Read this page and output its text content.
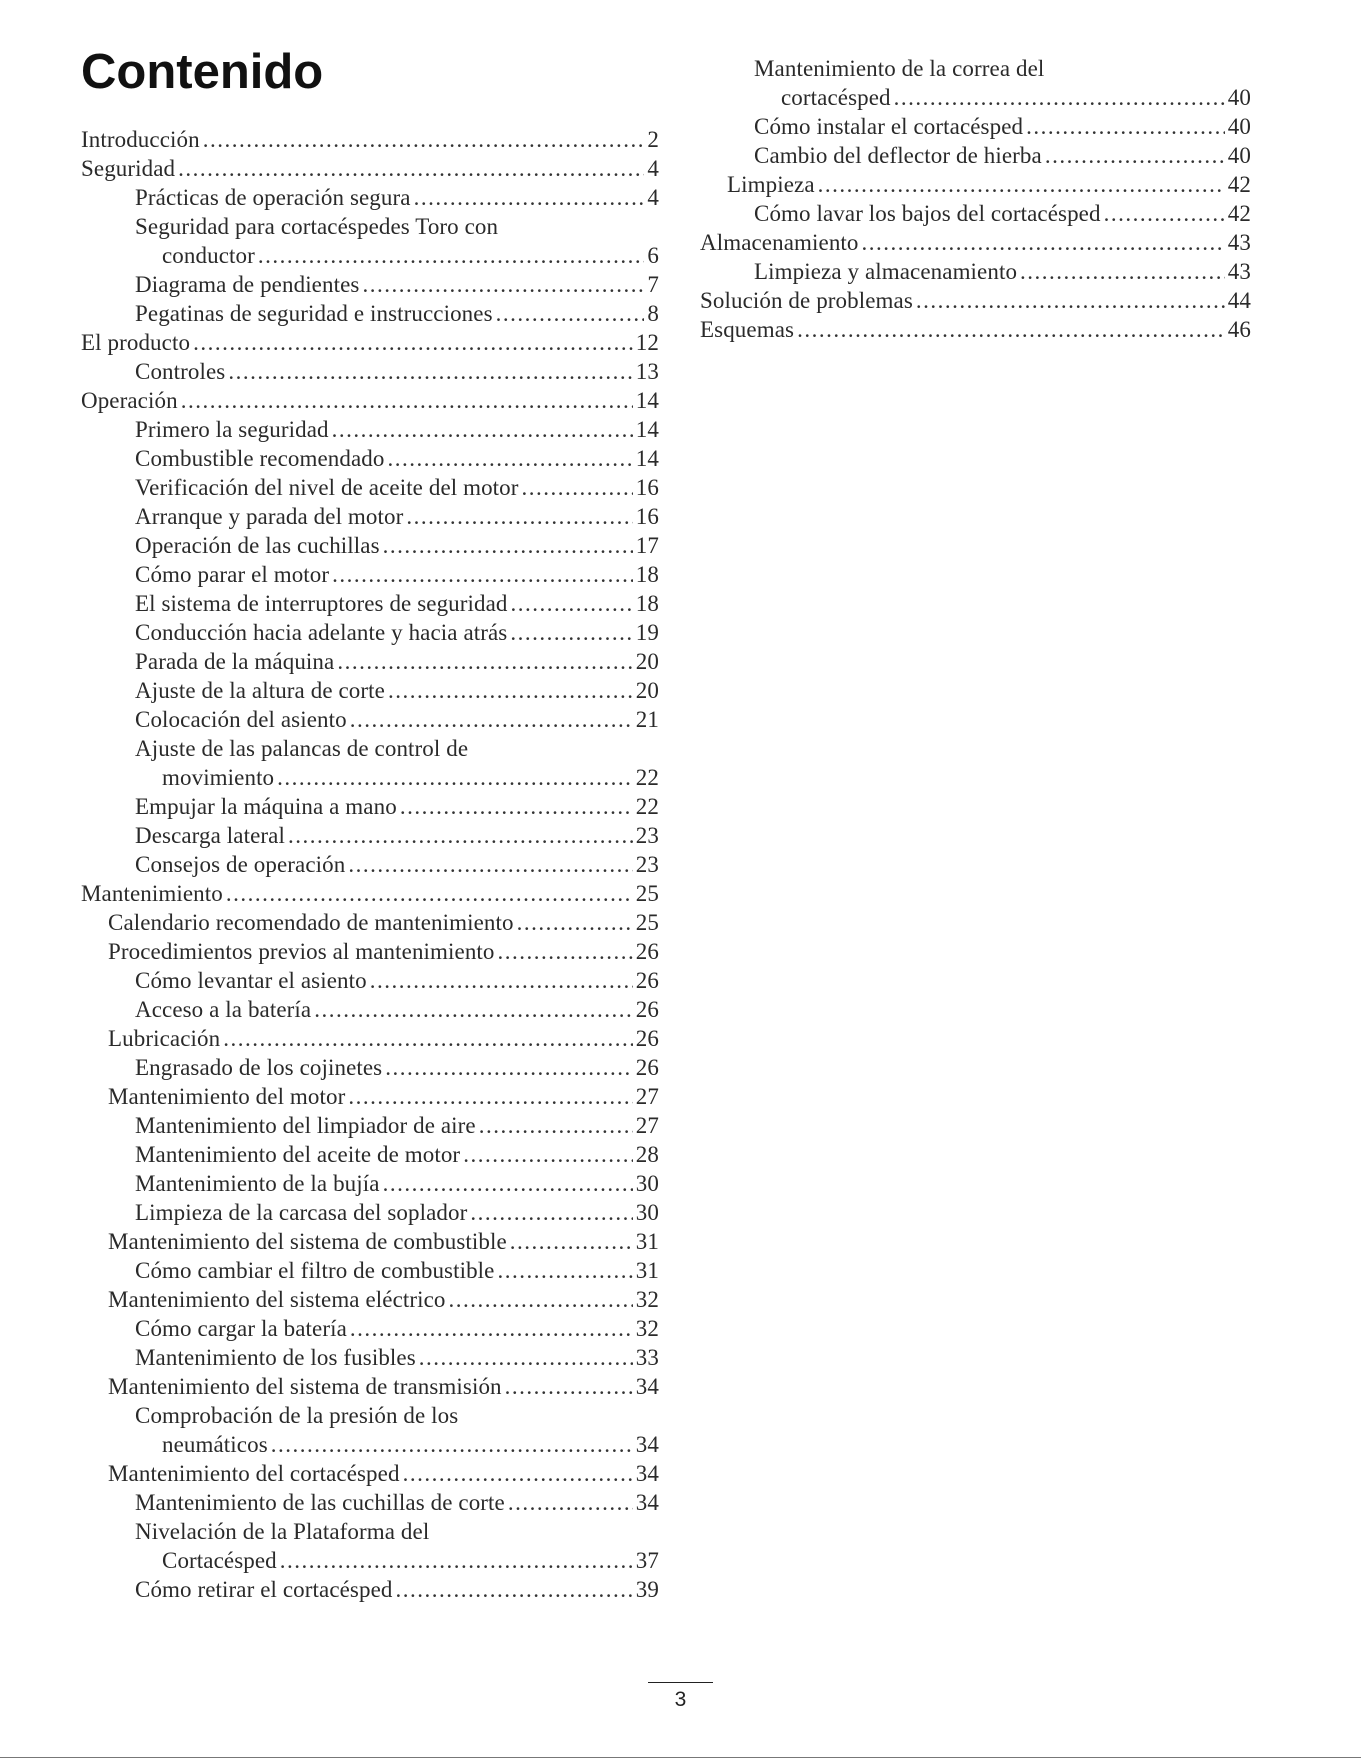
Contenido
Introducción .....	2
Seguridad .....	4
Prácticas de operación segura .....	4
Seguridad para cortacéspedes Toro con
conductor .....	6
Diagrama de pendientes .....	7
Pegatinas de seguridad e instrucciones .....	8
El producto .....	12
Controles .....	13
Operación .....	14
Primero la seguridad .....	14
Combustible recomendado .....	14
Verificación del nivel de aceite del motor .....	16
Arranque y parada del motor .....	16
Operación de las cuchillas .....	17
Cómo parar el motor .....	18
El sistema de interruptores de seguridad .....	18
Conducción hacia adelante y hacia atrás .....	19
Parada de la máquina .....	20
Ajuste de la altura de corte .....	20
Colocación del asiento .....	21
Ajuste de las palancas de control de
movimiento .....	22
Empujar la máquina a mano .....	22
Descarga lateral .....	23
Consejos de operación .....	23
Mantenimiento .....	25
Calendario recomendado de mantenimiento .....	25
Procedimientos previos al mantenimiento .....	26
Cómo levantar el asiento .....	26
Acceso a la batería .....	26
Lubricación .....	26
Engrasado de los cojinetes .....	26
Mantenimiento del motor .....	27
Mantenimiento del limpiador de aire .....	27
Mantenimiento del aceite de motor .....	28
Mantenimiento de la bujía .....	30
Limpieza de la carcasa del soplador .....	30
Mantenimiento del sistema de combustible .....	31
Cómo cambiar el filtro de combustible .....	31
Mantenimiento del sistema eléctrico .....	32
Cómo cargar la batería .....	32
Mantenimiento de los fusibles .....	33
Mantenimiento del sistema de transmisión .....	34
Comprobación de la presión de los
neumáticos .....	34
Mantenimiento del cortacésped .....	34
Mantenimiento de las cuchillas de corte .....	34
Nivelación de la Plataforma del
Cortacésped .....	37
Cómo retirar el cortacésped .....	39
Mantenimiento de la correa del
cortacésped .....	40
Cómo instalar el cortacésped .....	40
Cambio del deflector de hierba .....	40
Limpieza .....	42
Cómo lavar los bajos del cortacésped .....	42
Almacenamiento .....	43
Limpieza y almacenamiento .....	43
Solución de problemas .....	44
Esquemas .....	46
3
